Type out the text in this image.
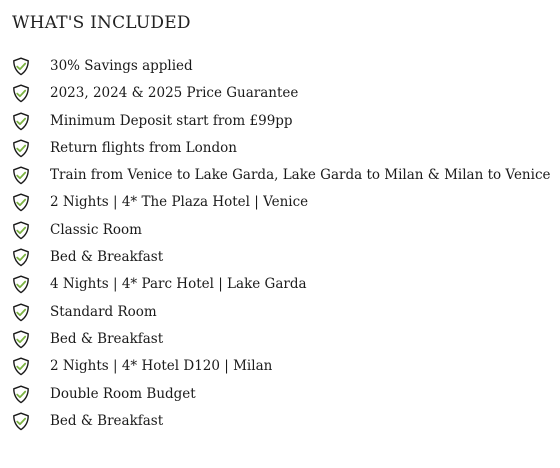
WHAT'S INCLUDED
30% Savings applied
2023, 2024 & 2025 Price Guarantee
Minimum Deposit start from £99pp
Return flights from London
Train from Venice to Lake Garda, Lake Garda to Milan & Milan to Venice
2 Nights | 4* The Plaza Hotel | Venice
Classic Room
Bed & Breakfast
4 Nights | 4* Parc Hotel | Lake Garda
Standard Room
Bed & Breakfast
2 Nights | 4* Hotel D120 | Milan
Double Room Budget
Bed & Breakfast
